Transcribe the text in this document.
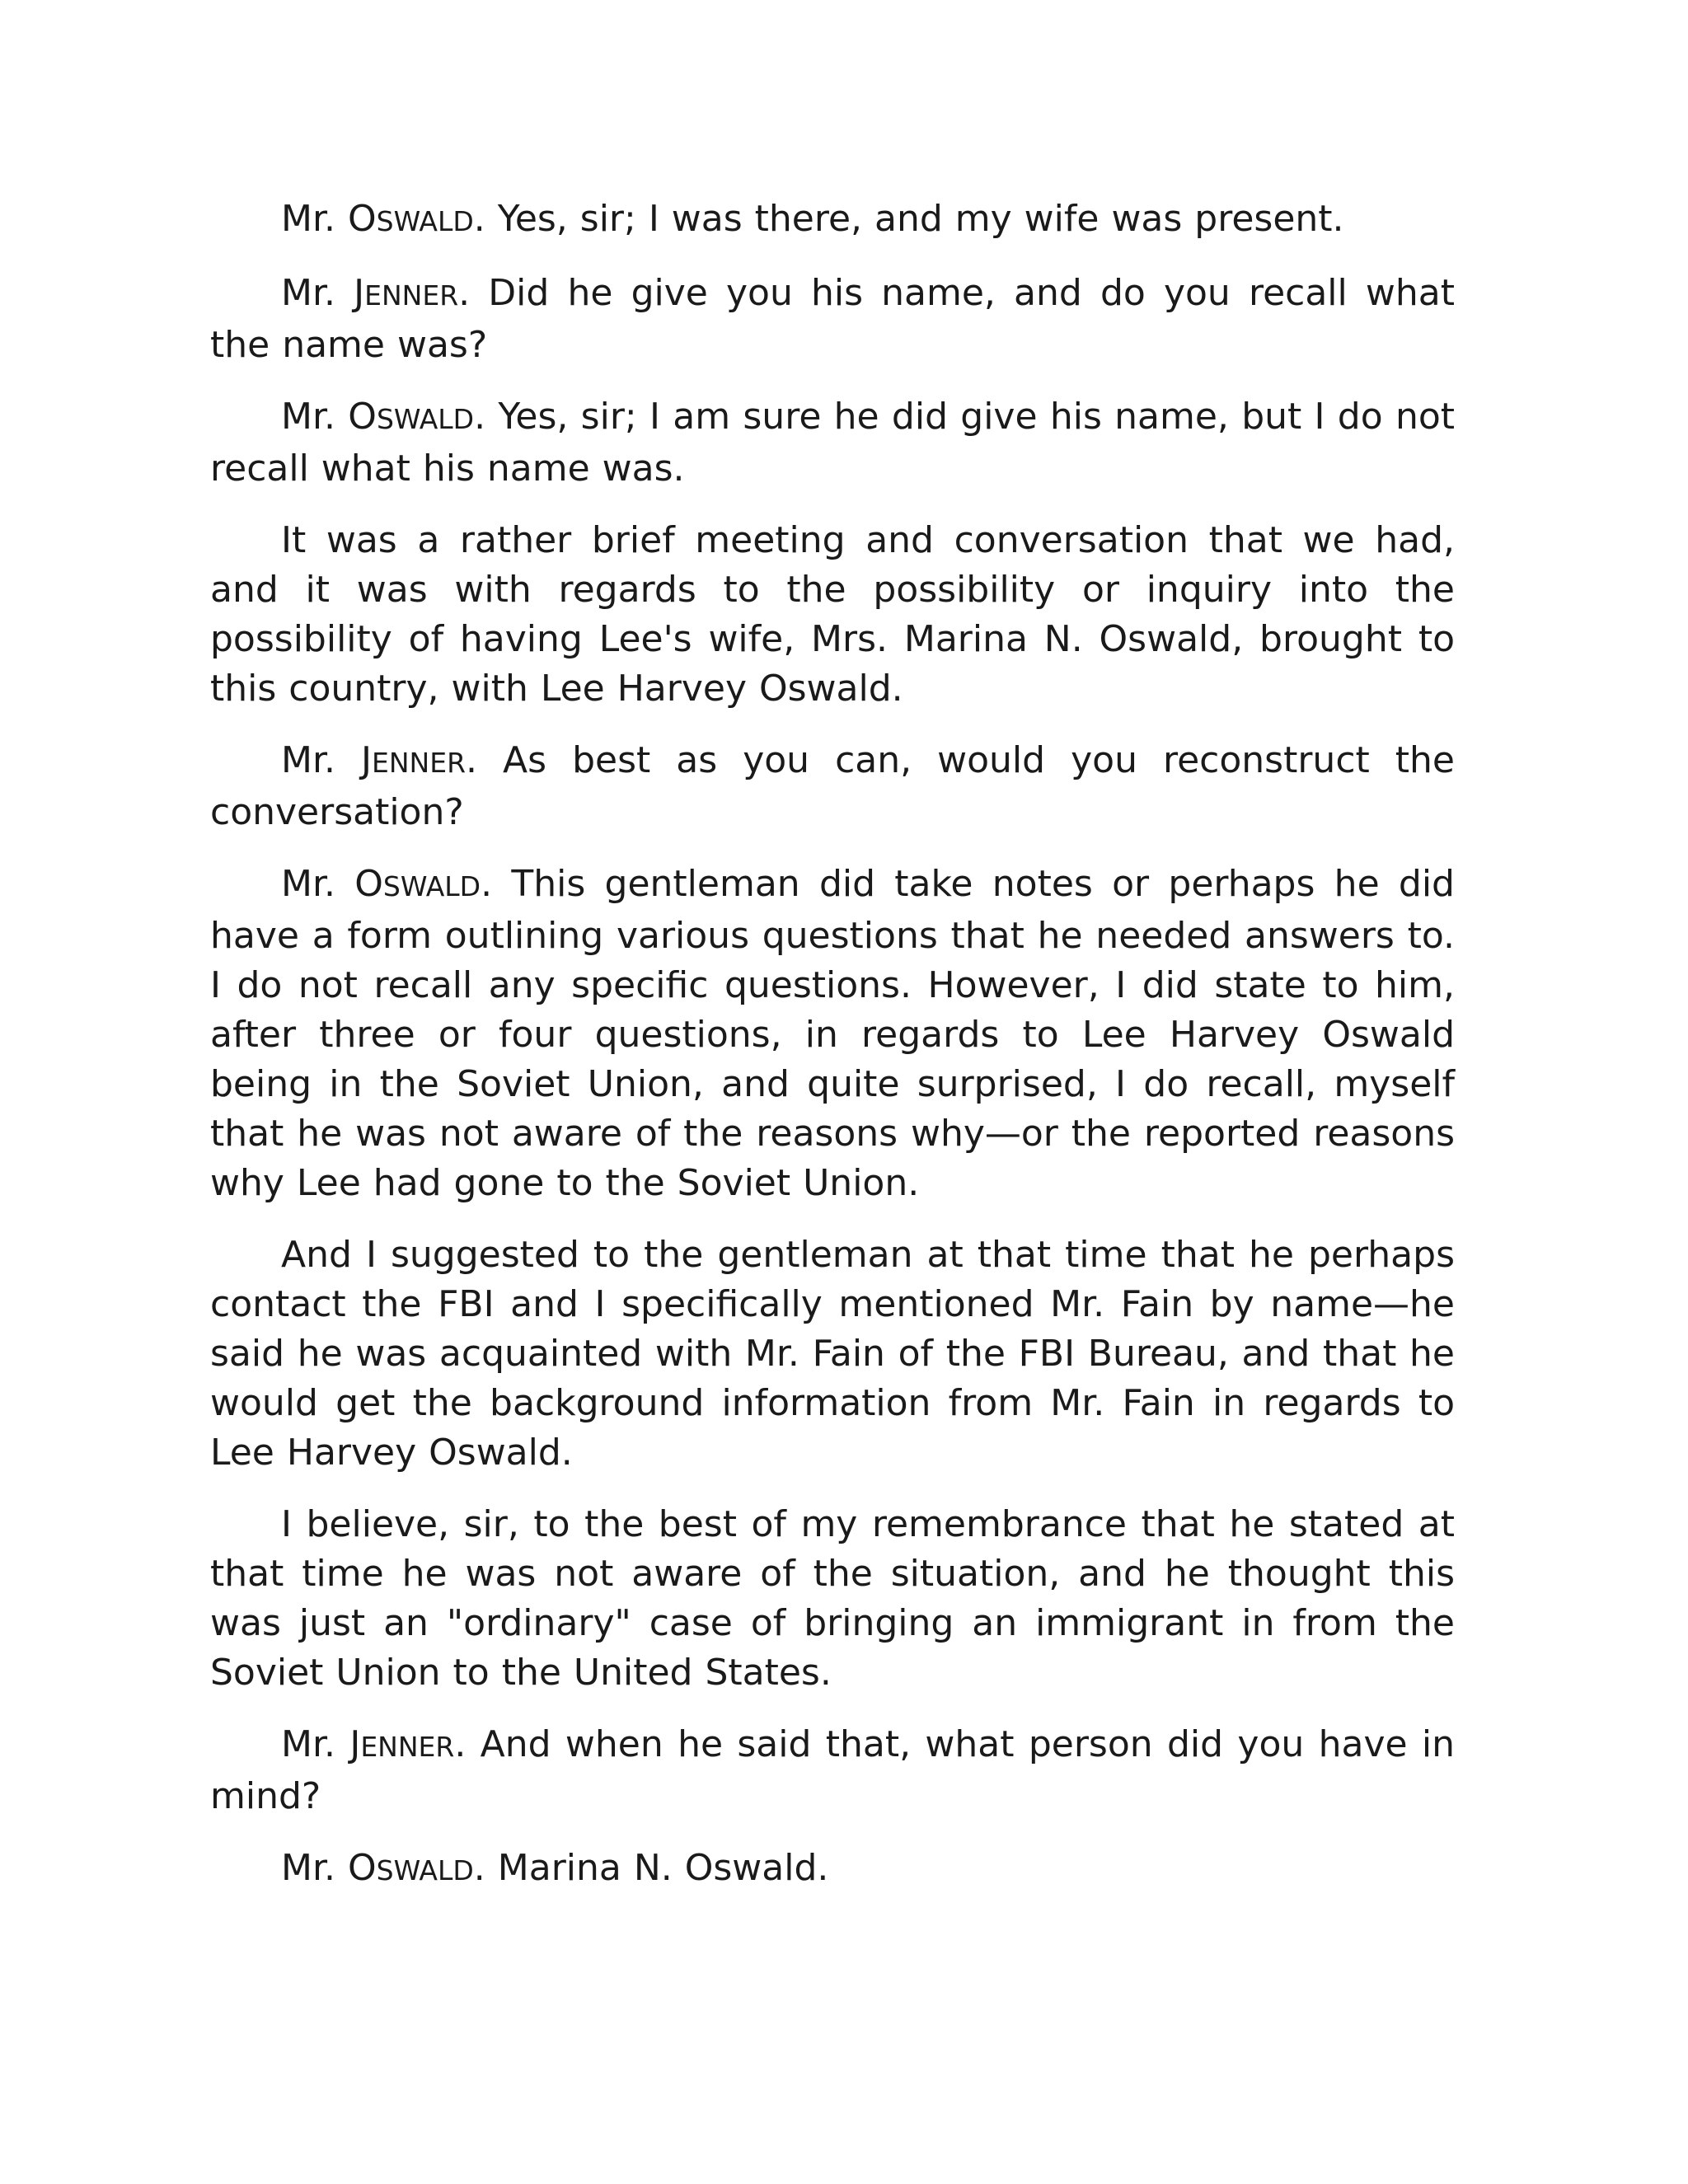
Mr. OSWALD. Yes, sir; I was there, and my wife was present.

Mr. JENNER. Did he give you his name, and do you recall what the name was?

Mr. OSWALD. Yes, sir; I am sure he did give his name, but I do not recall what his name was.

It was a rather brief meeting and conversation that we had, and it was with regards to the possibility or inquiry into the possibility of having Lee's wife, Mrs. Marina N. Oswald, brought to this country, with Lee Harvey Oswald.

Mr. JENNER. As best as you can, would you reconstruct the conversation?

Mr. OSWALD. This gentleman did take notes or perhaps he did have a form outlining various questions that he needed answers to. I do not recall any specific questions. However, I did state to him, after three or four questions, in regards to Lee Harvey Oswald being in the Soviet Union, and quite surprised, I do recall, myself that he was not aware of the reasons why—or the reported reasons why Lee had gone to the Soviet Union.

And I suggested to the gentleman at that time that he perhaps contact the FBI and I specifically mentioned Mr. Fain by name—he said he was acquainted with Mr. Fain of the FBI Bureau, and that he would get the background information from Mr. Fain in regards to Lee Harvey Oswald.

I believe, sir, to the best of my remembrance that he stated at that time he was not aware of the situation, and he thought this was just an "ordinary" case of bringing an immigrant in from the Soviet Union to the United States.

Mr. JENNER. And when he said that, what person did you have in mind?

Mr. OSWALD. Marina N. Oswald.
